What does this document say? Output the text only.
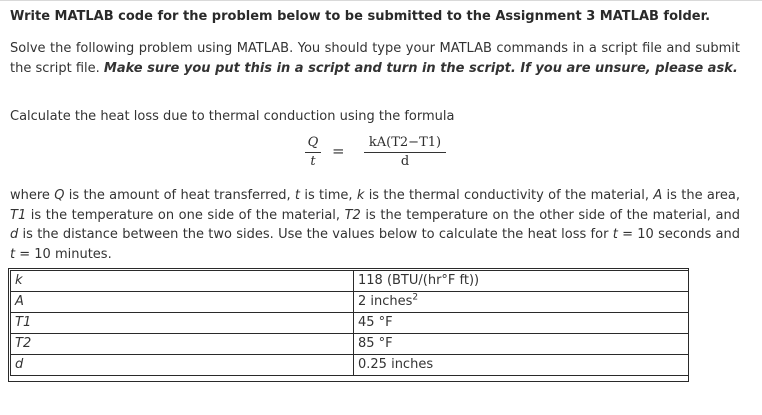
Write MATLAB code for the problem below to be submitted to the Assignment 3 MATLAB folder.
Solve the following problem using MATLAB. You should type your MATLAB commands in a script file and submit the script file. Make sure you put this in a script and turn in the script. If you are unsure, please ask.
Calculate the heat loss due to thermal conduction using the formula
Q
t
=	kA(T2−T1)
d
where Q is the amount of heat transferred, t is time, k is the thermal conductivity of the material, A is the area, T1 is the temperature on one side of the material, T2 is the temperature on the other side of the material, and d is the distance between the two sides. Use the values below to calculate the heat loss for t = 10 seconds and t = 10 minutes.
k	118 (BTU/(hr°F ft))
A	2 inches$^2$
T1	45 °F
T2	85 °F
d	0.25 inches
